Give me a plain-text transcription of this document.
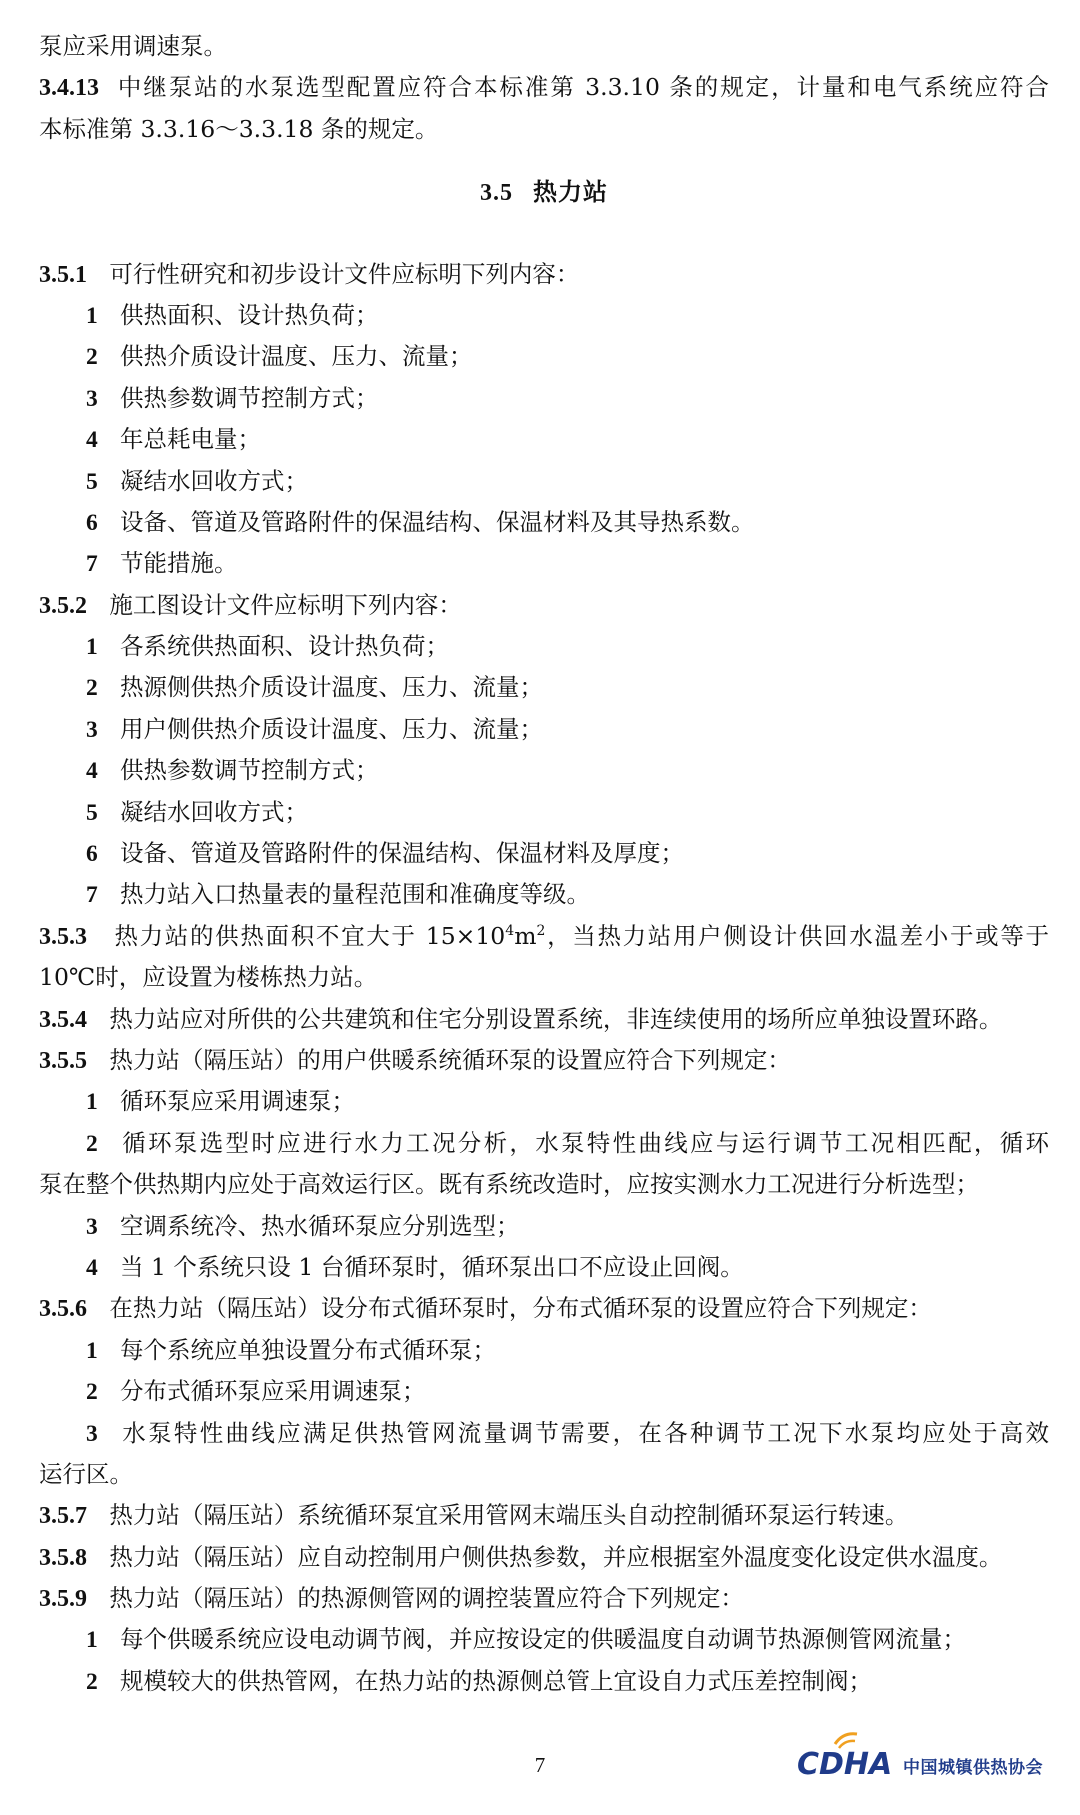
泵应采用调速泵。
3.4.13 中继泵站的水泵选型配置应符合本标准第 3.3.10 条的规定，计量和电气系统应符合
本标准第 3.3.16～3.3.18 条的规定。
3.5 热力站
3.5.1 可行性研究和初步设计文件应标明下列内容：
1 供热面积、设计热负荷；
2 供热介质设计温度、压力、流量；
3 供热参数调节控制方式；
4 年总耗电量；
5 凝结水回收方式；
6 设备、管道及管路附件的保温结构、保温材料及其导热系数。
7 节能措施。
3.5.2 施工图设计文件应标明下列内容：
1 各系统供热面积、设计热负荷；
2 热源侧供热介质设计温度、压力、流量；
3 用户侧供热介质设计温度、压力、流量；
4 供热参数调节控制方式；
5 凝结水回收方式；
6 设备、管道及管路附件的保温结构、保温材料及厚度；
7 热力站入口热量表的量程范围和准确度等级。
3.5.3 热力站的供热面积不宜大于 $15\times 10^4m^2$，当热力站用户侧设计供回水温差小于或等于
10℃时，应设置为楼栋热力站。
3.5.4 热力站应对所供的公共建筑和住宅分别设置系统，非连续使用的场所应单独设置环路。
3.5.5 热力站（隔压站）的用户供暖系统循环泵的设置应符合下列规定：
1 循环泵应采用调速泵；
2 循环泵选型时应进行水力工况分析，水泵特性曲线应与运行调节工况相匹配，循环
泵在整个供热期内应处于高效运行区。既有系统改造时，应按实测水力工况进行分析选型；
3 空调系统冷、热水循环泵应分别选型；
4 当 1 个系统只设 1 台循环泵时，循环泵出口不应设止回阀。
3.5.6 在热力站（隔压站）设分布式循环泵时，分布式循环泵的设置应符合下列规定：
1 每个系统应单独设置分布式循环泵；
2 分布式循环泵应采用调速泵；
3 水泵特性曲线应满足供热管网流量调节需要，在各种调节工况下水泵均应处于高效
运行区。
3.5.7 热力站（隔压站）系统循环泵宜采用管网末端压头自动控制循环泵运行转速。
3.5.8 热力站（隔压站）应自动控制用户侧供热参数，并应根据室外温度变化设定供水温度。
3.5.9 热力站（隔压站）的热源侧管网的调控装置应符合下列规定：
1 每个供暖系统应设电动调节阀，并应按设定的供暖温度自动调节热源侧管网流量；
2 规模较大的供热管网，在热力站的热源侧总管上宜设自力式压差控制阀；
7	CDHA 中国城镇供热协会
